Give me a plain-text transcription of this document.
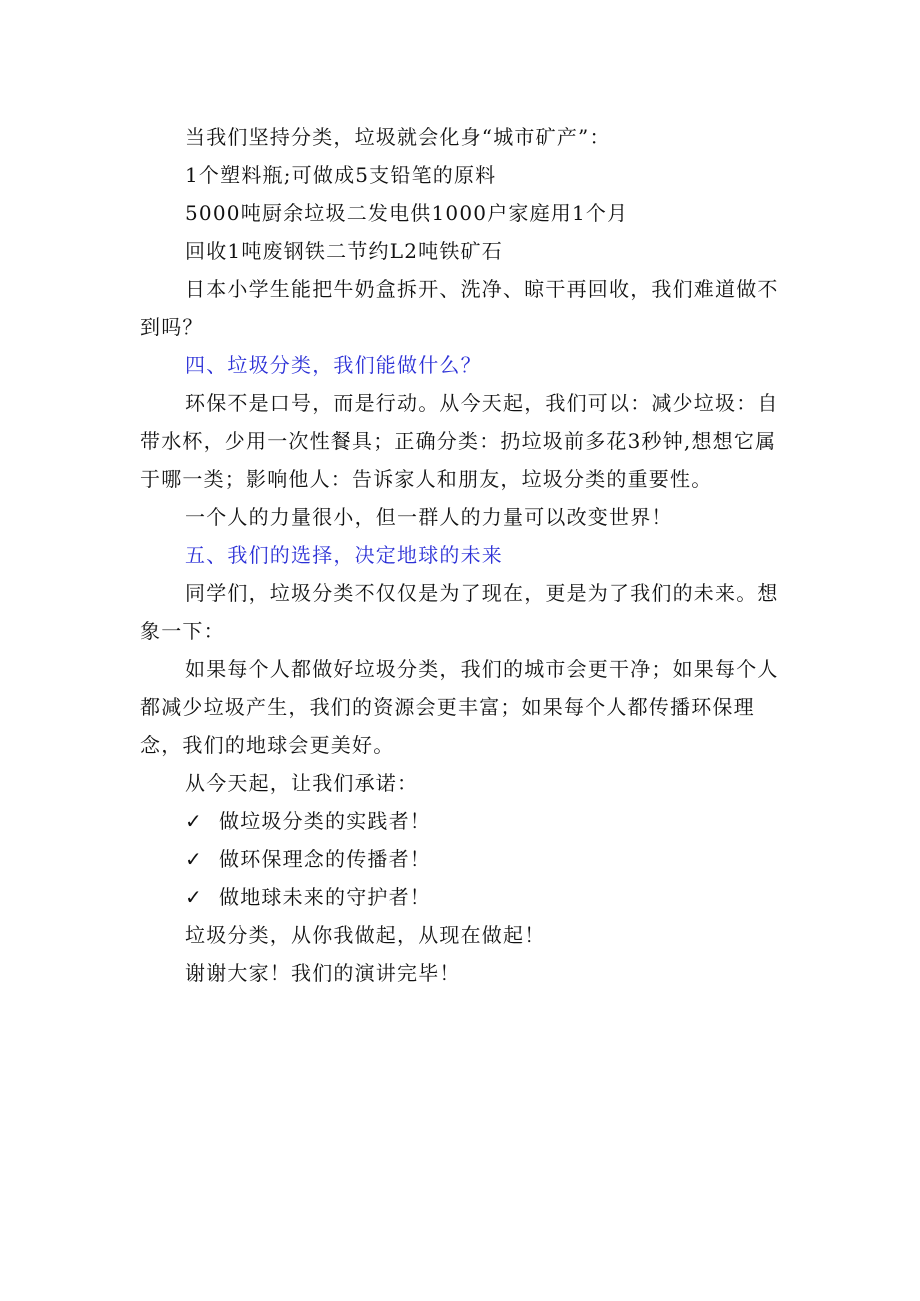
当我们坚持分类，垃圾就会化身“城市矿产”：

1个塑料瓶;可做成5支铅笔的原料

5000吨厨余垃圾二发电供1000户家庭用1个月

回收1吨废钢铁二节约L2吨铁矿石

日本小学生能把牛奶盒拆开、洗净、晾干再回收，我们难道做不到吗？

四、垃圾分类，我们能做什么？

环保不是口号，而是行动。从今天起，我们可以：减少垃圾：自带水杯，少用一次性餐具；正确分类：扔垃圾前多花3秒钟,想想它属于哪一类；影响他人：告诉家人和朋友，垃圾分类的重要性。

一个人的力量很小，但一群人的力量可以改变世界！

五、我们的选择，决定地球的未来

同学们，垃圾分类不仅仅是为了现在，更是为了我们的未来。想象一下：

如果每个人都做好垃圾分类，我们的城市会更干净；如果每个人都减少垃圾产生，我们的资源会更丰富；如果每个人都传播环保理念，我们的地球会更美好。

从今天起，让我们承诺：

✓ 做垃圾分类的实践者！
✓ 做环保理念的传播者！
✓ 做地球未来的守护者！

垃圾分类，从你我做起，从现在做起！

谢谢大家！我们的演讲完毕！
